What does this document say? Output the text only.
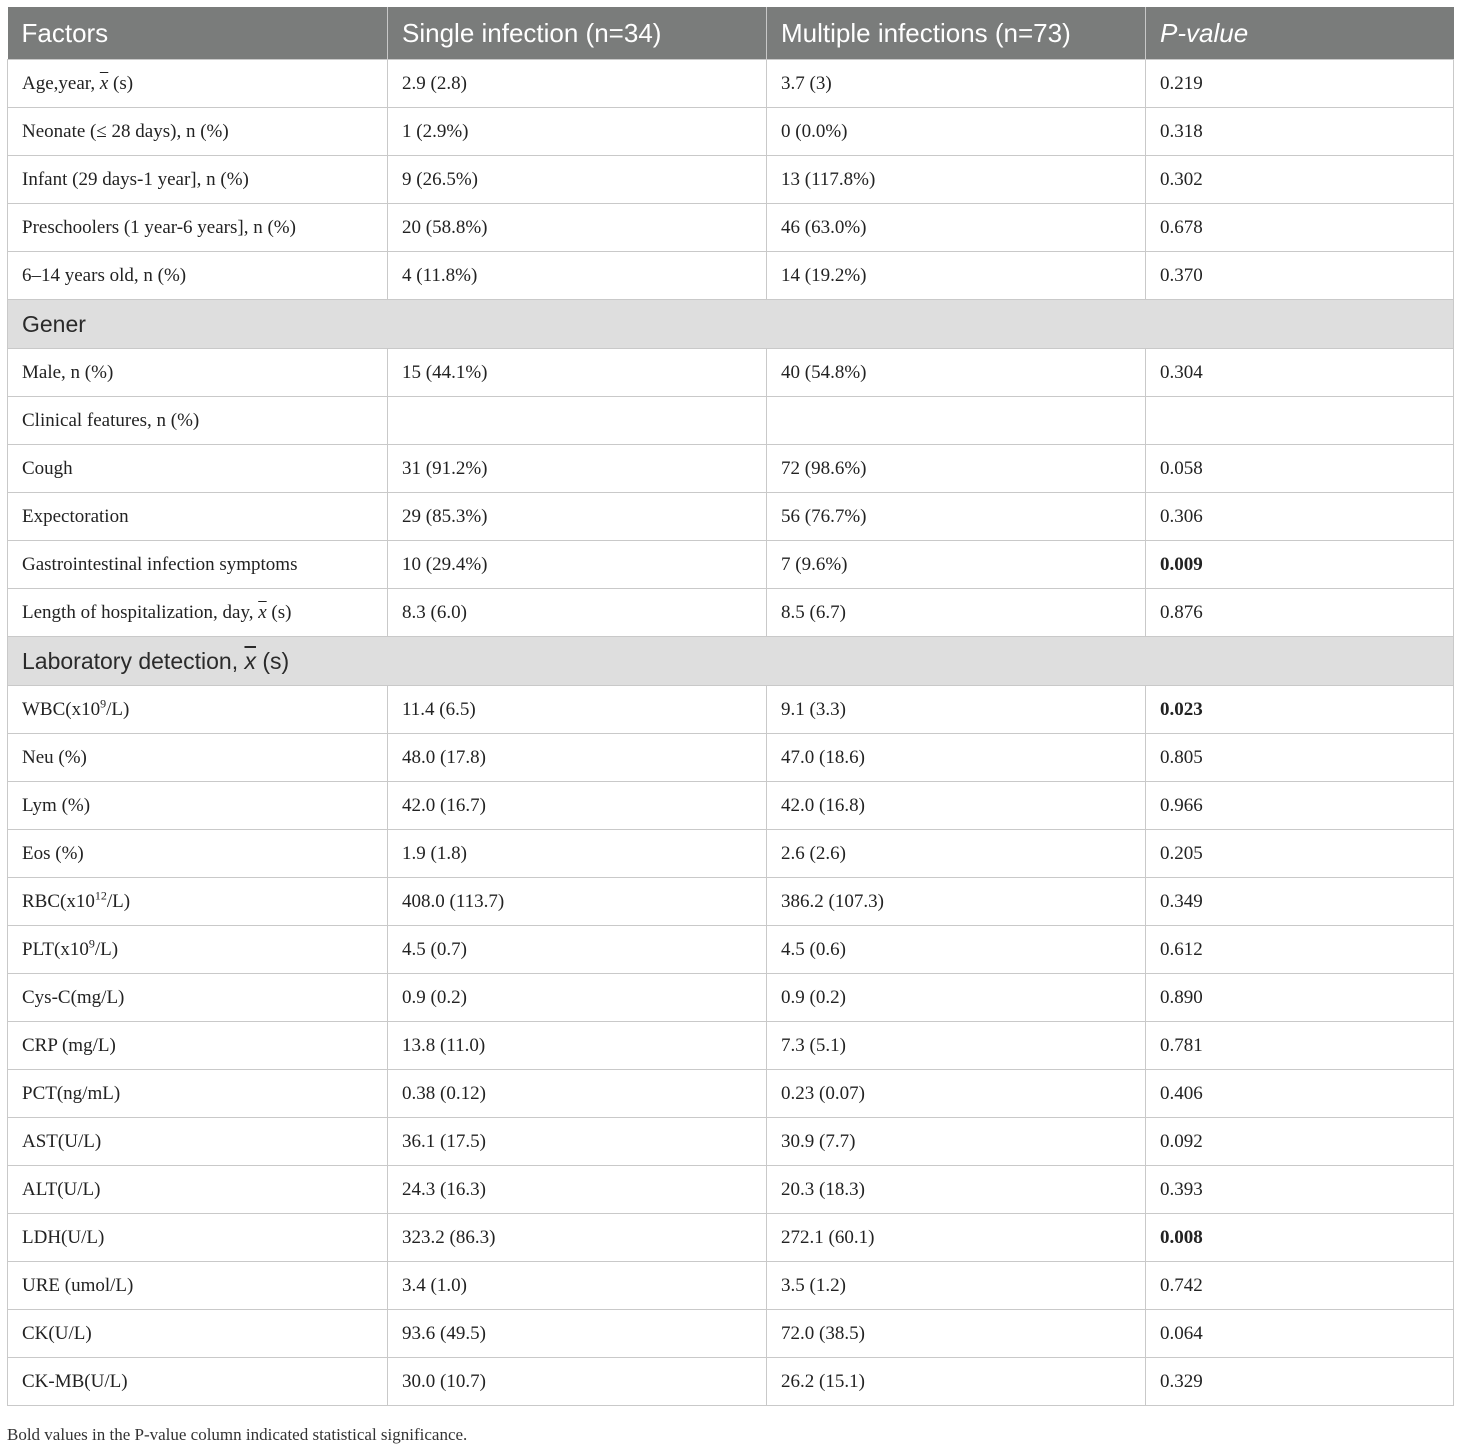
Factors	Single infection (n=34)	Multiple infections (n=73)	P-value
Age,year, $\overline{x}$ (s)	2.9 (2.8)	3.7 (3)	0.219
Neonate (≤ 28 days), n (%)	1 (2.9%)	0 (0.0%)	0.318
Infant (29 days-1 year], n (%)	9 (26.5%)	13 (117.8%)	0.302
Preschoolers (1 year-6 years], n (%)	20 (58.8%)	46 (63.0%)	0.678
6–14 years old, n (%)	4 (11.8%)	14 (19.2%)	0.370
Gener			
Male, n (%)	15 (44.1%)	40 (54.8%)	0.304
Clinical features, n (%)			
Cough	31 (91.2%)	72 (98.6%)	0.058
Expectoration	29 (85.3%)	56 (76.7%)	0.306
Gastrointestinal infection symptoms	10 (29.4%)	7 (9.6%)	0.009
Length of hospitalization, day, $\overline{x}$ (s)	8.3 (6.0)	8.5 (6.7)	0.876
Laboratory detection, $\overline{x}$ (s)			
$WBC(x10^9/L)$	11.4 (6.5)	9.1 (3.3)	0.023
Neu (%)	48.0 (17.8)	47.0 (18.6)	0.805
Lym (%)	42.0 (16.7)	42.0 (16.8)	0.966
Eos (%)	1.9 (1.8)	2.6 (2.6)	0.205
$RBC(x10^{12}/L)$	408.0 (113.7)	386.2 (107.3)	0.349
$PLT(x10^9/L)$	4.5 (0.7)	4.5 (0.6)	0.612
Cys-C(mg/L)	0.9 (0.2)	0.9 (0.2)	0.890
CRP (mg/L)	13.8 (11.0)	7.3 (5.1)	0.781
PCT(ng/mL)	0.38 (0.12)	0.23 (0.07)	0.406
AST(U/L)	36.1 (17.5)	30.9 (7.7)	0.092
ALT(U/L)	24.3 (16.3)	20.3 (18.3)	0.393
LDH(U/L)	323.2 (86.3)	272.1 (60.1)	0.008
URE (umol/L)	3.4 (1.0)	3.5 (1.2)	0.742
CK(U/L)	93.6 (49.5)	72.0 (38.5)	0.064
CK-MB(U/L)	30.0 (10.7)	26.2 (15.1)	0.329
Bold values in the P-value column indicated statistical significance.
